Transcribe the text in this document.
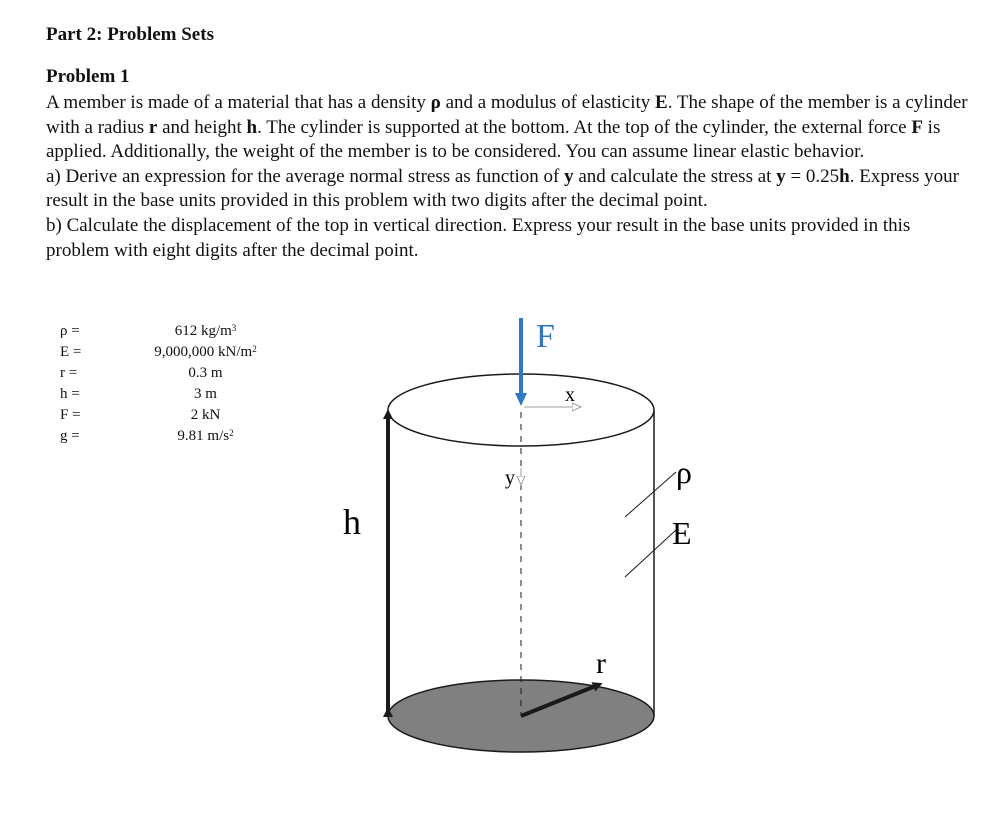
Part 2: Problem Sets
Problem 1

A member is made of a material that has a density ρ and a modulus of elasticity E. The shape of the member is a cylinder with a radius r and height h. The cylinder is supported at the bottom. At the top of the cylinder, the external force F is applied. Additionally, the weight of the member is to be considered. You can assume linear elastic behavior.

a) Derive an expression for the average normal stress as function of y and calculate the stress at y = 0.25h. Express your result in the base units provided in this problem with two digits after the decimal point.

b) Calculate the displacement of the top in vertical direction. Express your result in the base units provided in this problem with eight digits after the decimal point.

ρ =	612 $kg/m^3$
E =	9,000,000 $kN/m^2$
r =	0.3 m
h =	3 m
F =	2 kN
g =	9.81 $m/s^2$
h
F
x
y
r
ρ
E
